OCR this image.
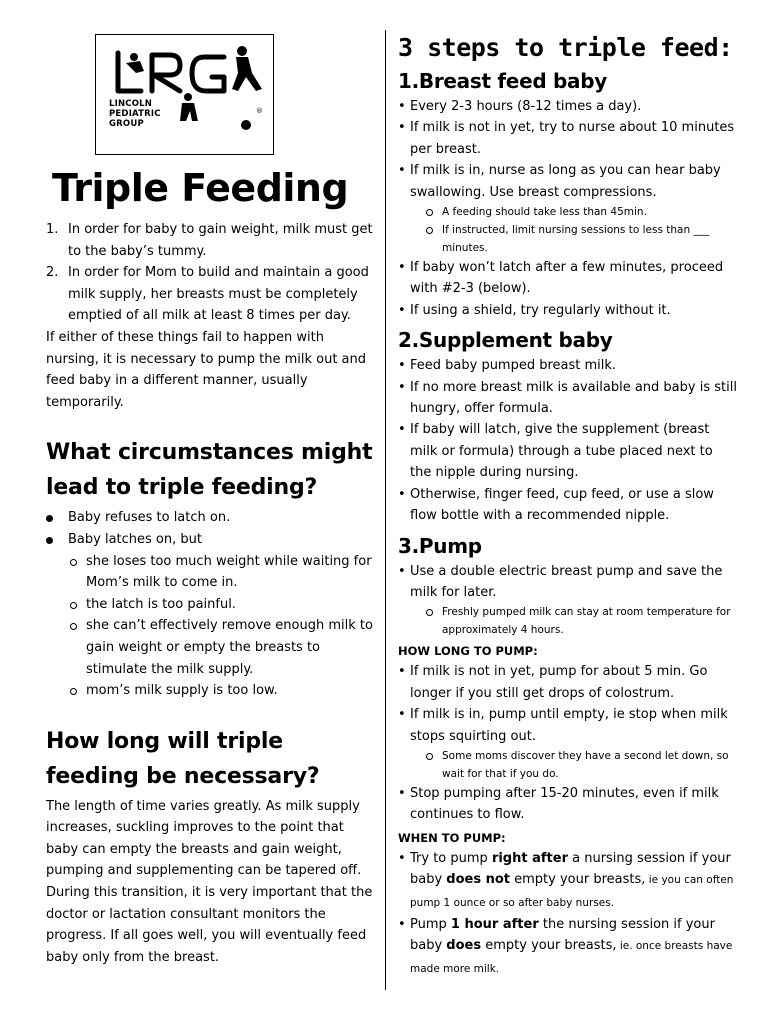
®
LINCOLN
PEDIATRIC
GROUP
Triple Feeding
1. In order for baby to gain weight, milk must get to the baby’s tummy.
2. In order for Mom to build and maintain a good milk supply, her breasts must be completely emptied of all milk at least 8 times per day.

If either of these things fail to happen with nursing, it is necessary to pump the milk out and feed baby in a different manner, usually temporarily.

What circumstances might lead to triple feeding?
Baby refuses to latch on.
Baby latches on, but
she loses too much weight while waiting for Mom’s milk to come in.
the latch is too painful.
she can’t effectively remove enough milk to gain weight or empty the breasts to stimulate the milk supply.
mom’s milk supply is too low.
How long will triple feeding be necessary?

The length of time varies greatly. As milk supply increases, suckling improves to the point that baby can empty the breasts and gain weight, pumping and supplementing can be tapered off. During this transition, it is very important that the doctor or lactation consultant monitors the progress. If all goes well, you will eventually feed baby only from the breast.

3 steps to triple feed:
1.Breast feed baby
• Every 2-3 hours (8-12 times a day).
• If milk is not in yet, try to nurse about 10 minutes per breast.
• If milk is in, nurse as long as you can hear baby swallowing. Use breast compressions.
A feeding should take less than 45min.
If instructed, limit nursing sessions to less than ___ minutes.
• If baby won’t latch after a few minutes, proceed with #2-3 (below).
• If using a shield, try regularly without it.
2.Supplement baby
• Feed baby pumped breast milk.
• If no more breast milk is available and baby is still hungry, offer formula.
• If baby will latch, give the supplement (breast milk or formula) through a tube placed next to the nipple during nursing.
• Otherwise, finger feed, cup feed, or use a slow flow bottle with a recommended nipple.
3.Pump
• Use a double electric breast pump and save the milk for later.
Freshly pumped milk can stay at room temperature for approximately 4 hours.
HOW LONG TO PUMP:
• If milk is not in yet, pump for about 5 min. Go longer if you still get drops of colostrum.
• If milk is in, pump until empty, ie stop when milk stops squirting out.
Some moms discover they have a second let down, so wait for that if you do.
• Stop pumping after 15-20 minutes, even if milk continues to flow.
WHEN TO PUMP:
• Try to pump right after a nursing session if your baby does not empty your breasts, ie you can often pump 1 ounce or so after baby nurses.
• Pump 1 hour after the nursing session if your baby does empty your breasts, ie. once breasts have made more milk.
